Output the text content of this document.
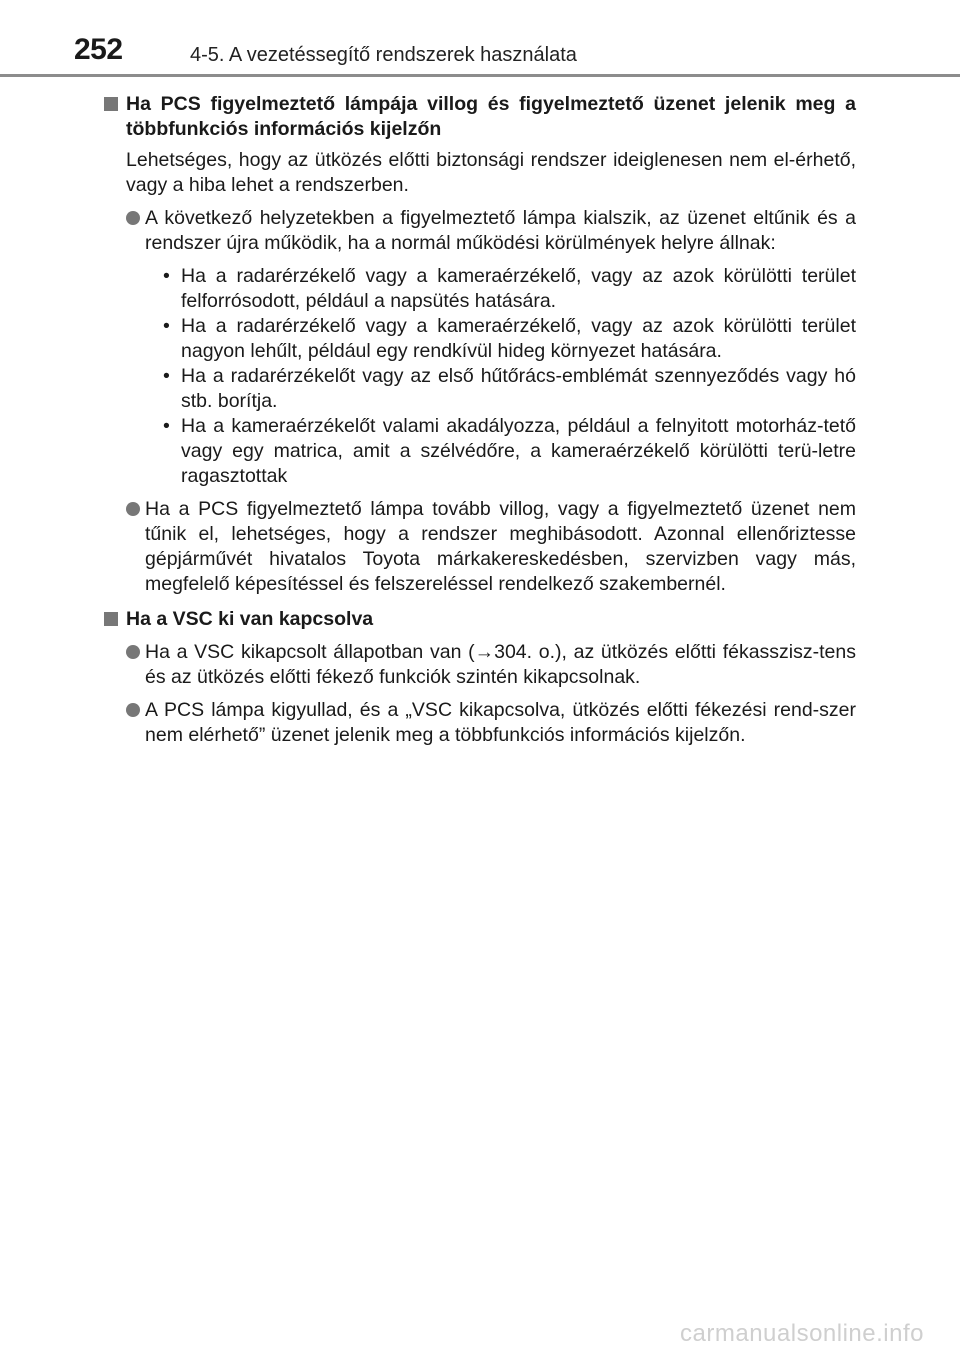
252	4-5. A vezetéssegítő rendszerek használata
Ha PCS figyelmeztető lámpája villog és figyelmeztető üzenet jelenik meg a többfunkciós információs kijelzőn

Lehetséges, hogy az ütközés előtti biztonsági rendszer ideiglenesen nem el-érhető, vagy a hiba lehet a rendszerben.

A következő helyzetekben a figyelmeztető lámpa kialszik, az üzenet eltűnik és a rendszer újra működik, ha a normál működési körülmények helyre állnak:
• Ha a radarérzékelő vagy a kameraérzékelő, vagy az azok körülötti terület felforrósodott, például a napsütés hatására.
• Ha a radarérzékelő vagy a kameraérzékelő, vagy az azok körülötti terület nagyon lehűlt, például egy rendkívül hideg környezet hatására.
• Ha a radarérzékelőt vagy az első hűtőrács-emblémát szennyeződés vagy hó stb. borítja.
• Ha a kameraérzékelőt valami akadályozza, például a felnyitott motorház-tető vagy egy matrica, amit a szélvédőre, a kameraérzékelő körülötti terü-letre ragasztottak
Ha a PCS figyelmeztető lámpa tovább villog, vagy a figyelmeztető üzenet nem tűnik el, lehetséges, hogy a rendszer meghibásodott. Azonnal ellenőriztesse gépjárművét hivatalos Toyota márkakereskedésben, szervizben vagy más, megfelelő képesítéssel és felszereléssel rendelkező szakembernél.
Ha a VSC ki van kapcsolva
Ha a VSC kikapcsolt állapotban van (→304. o.), az ütközés előtti fékasszisz-tens és az ütközés előtti fékező funkciók szintén kikapcsolnak.
A PCS lámpa kigyullad, és a „VSC kikapcsolva, ütközés előtti fékezési rend-szer nem elérhető” üzenet jelenik meg a többfunkciós információs kijelzőn.
carmanualsonline.info
